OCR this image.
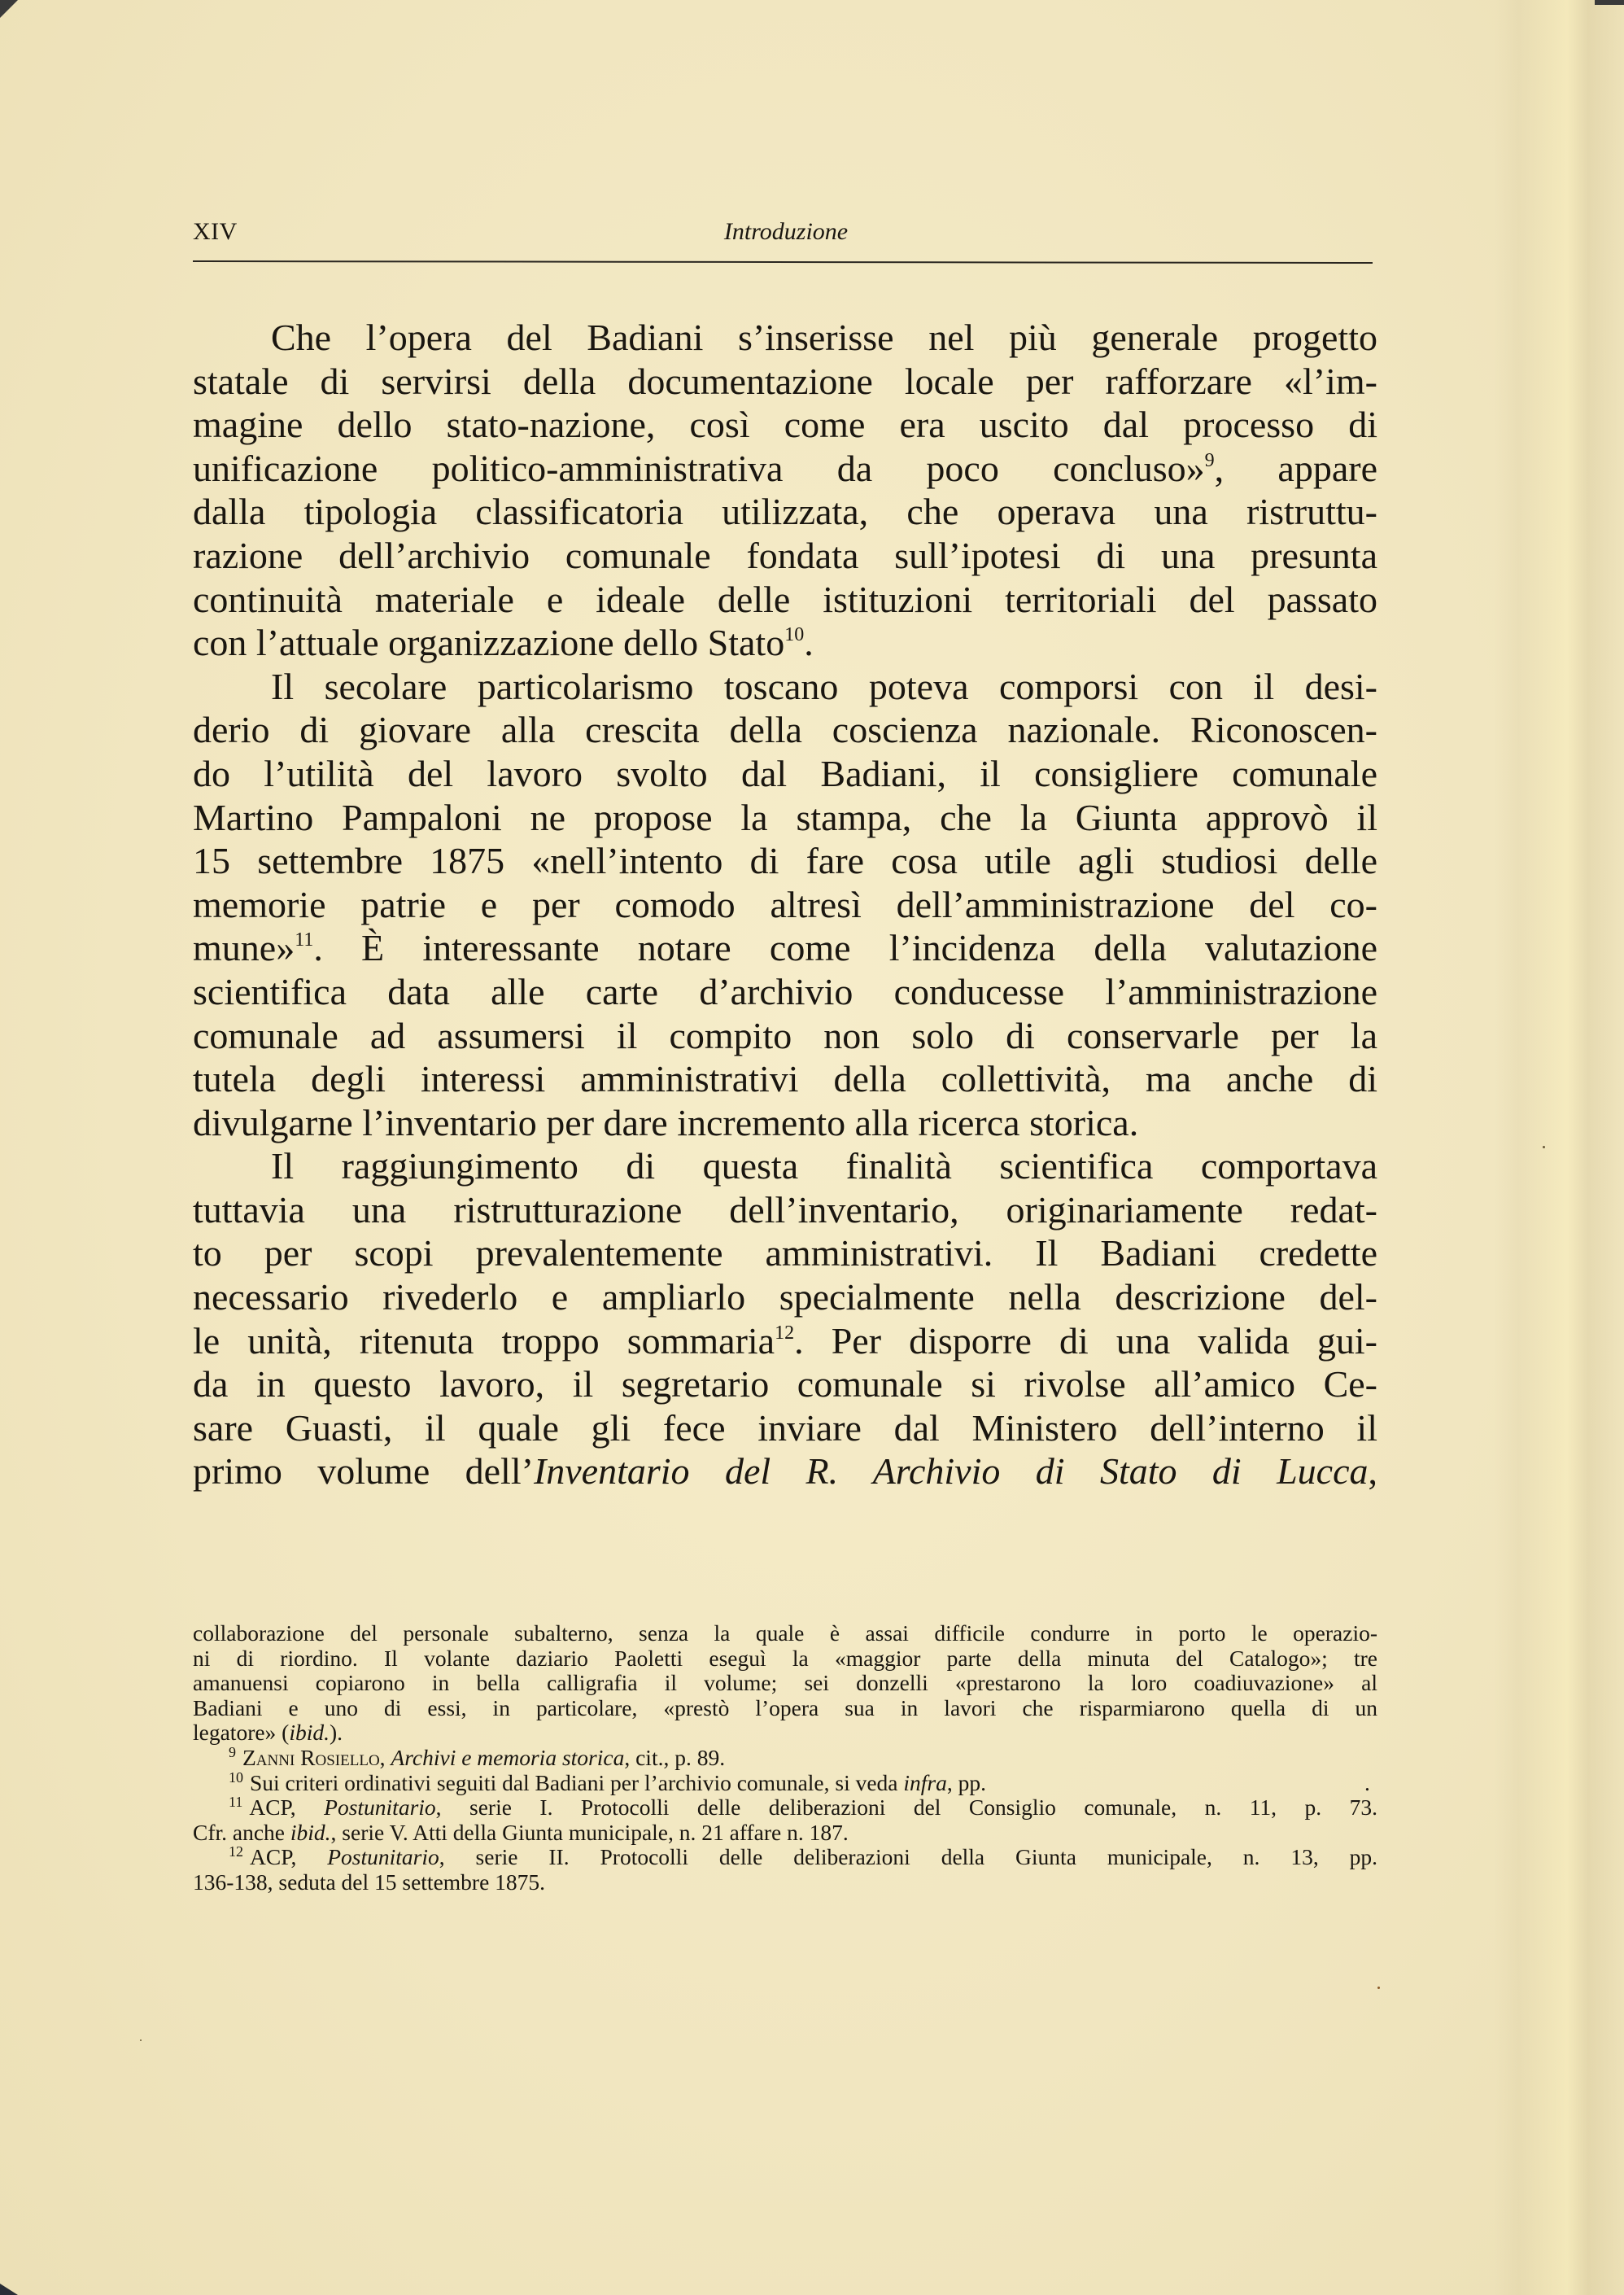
XIV	Introduzione
Che l’opera del Badiani s’inserisse nel più generale progetto
statale di servirsi della documentazione locale per rafforzare «l’im-
magine dello stato-nazione, così come era uscito dal processo di
unificazione politico-amministrativa da poco concluso»$^9$, appare
dalla tipologia classificatoria utilizzata, che operava una ristruttu-
razione dell’archivio comunale fondata sull’ipotesi di una presunta
continuità materiale e ideale delle istituzioni territoriali del passato
con l’attuale organizzazione dello Stato$^{10}$.
Il secolare particolarismo toscano poteva comporsi con il desi-
derio di giovare alla crescita della coscienza nazionale. Riconoscen-
do l’utilità del lavoro svolto dal Badiani, il consigliere comunale
Martino Pampaloni ne propose la stampa, che la Giunta approvò il
15 settembre 1875 «nell’intento di fare cosa utile agli studiosi delle
memorie patrie e per comodo altresì dell’amministrazione del co-
mune»$^{11}$. È interessante notare come l’incidenza della valutazione
scientifica data alle carte d’archivio conducesse l’amministrazione
comunale ad assumersi il compito non solo di conservarle per la
tutela degli interessi amministrativi della collettività, ma anche di
divulgarne l’inventario per dare incremento alla ricerca storica.
Il raggiungimento di questa finalità scientifica comportava
tuttavia una ristrutturazione dell’inventario, originariamente redat-
to per scopi prevalentemente amministrativi. Il Badiani credette
necessario rivederlo e ampliarlo specialmente nella descrizione del-
le unità, ritenuta troppo sommaria$^{12}$. Per disporre di una valida gui-
da in questo lavoro, il segretario comunale si rivolse all’amico Ce-
sare Guasti, il quale gli fece inviare dal Ministero dell’interno il
primo volume dell’Inventario del R. Archivio di Stato di Lucca,
collaborazione del personale subalterno, senza la quale è assai difficile condurre in porto le operazio-
ni di riordino. Il volante daziario Paoletti eseguì la «maggior parte della minuta del Catalogo»; tre
amanuensi copiarono in bella calligrafia il volume; sei donzelli «prestarono la loro coadiuvazione» al
Badiani e uno di essi, in particolare, «prestò l’opera sua in lavori che risparmiarono quella di un
legatore» (ibid.).
$^9$ Zanni Rosiello, Archivi e memoria storica, cit., p. 89.
$^{10}$ Sui criteri ordinativi seguiti dal Badiani per l’archivio comunale, si veda infra, pp.	.
$^{11}$ ACP, Postunitario, serie I. Protocolli delle deliberazioni del Consiglio comunale, n. 11, p. 73.
Cfr. anche ibid., serie V. Atti della Giunta municipale, n. 21 affare n. 187.
$^{12}$ ACP, Postunitario, serie II. Protocolli delle deliberazioni della Giunta municipale, n. 13, pp.
136-138, seduta del 15 settembre 1875.
